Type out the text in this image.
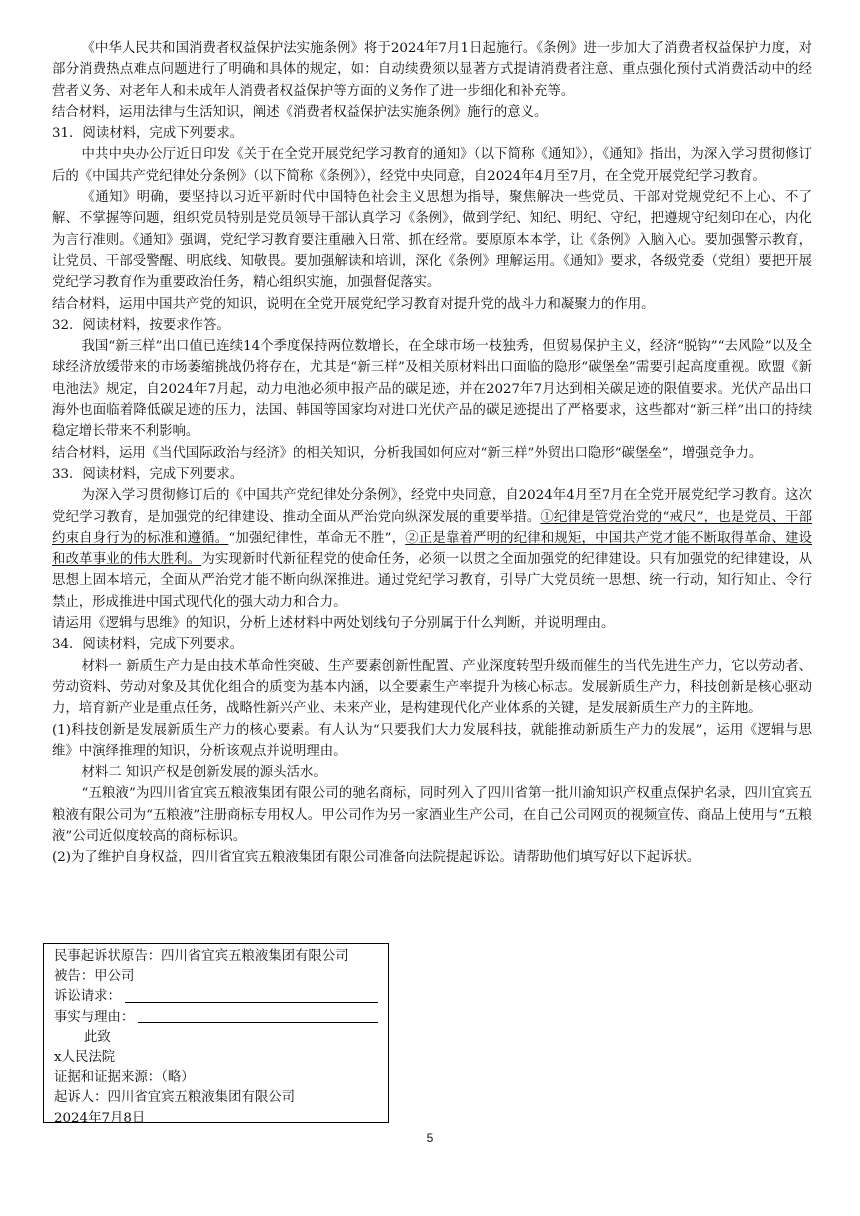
《中华人民共和国消费者权益保护法实施条例》将于2024年7月1日起施行。《条例》进一步加大了消费者权益保护力度，对部分消费热点难点问题进行了明确和具体的规定，如：自动续费须以显著方式提请消费者注意、重点强化预付式消费活动中的经营者义务、对老年人和未成年人消费者权益保护等方面的义务作了进一步细化和补充等。

结合材料，运用法律与生活知识，阐述《消费者权益保护法实施条例》施行的意义。

31．阅读材料，完成下列要求。

中共中央办公厅近日印发《关于在全党开展党纪学习教育的通知》（以下简称《通知》），《通知》指出，为深入学习贯彻修订后的《中国共产党纪律处分条例》（以下简称《条例》），经党中央同意，自2024年4月至7月，在全党开展党纪学习教育。

《通知》明确，要坚持以习近平新时代中国特色社会主义思想为指导，聚焦解决一些党员、干部对党规党纪不上心、不了解、不掌握等问题，组织党员特别是党员领导干部认真学习《条例》，做到学纪、知纪、明纪、守纪，把遵规守纪刻印在心，内化为言行准则。《通知》强调，党纪学习教育要注重融入日常、抓在经常。要原原本本学，让《条例》入脑入心。要加强警示教育，让党员、干部受警醒、明底线、知敬畏。要加强解读和培训，深化《条例》理解运用。《通知》要求，各级党委（党组）要把开展党纪学习教育作为重要政治任务，精心组织实施，加强督促落实。

结合材料，运用中国共产党的知识，说明在全党开展党纪学习教育对提升党的战斗力和凝聚力的作用。

32．阅读材料，按要求作答。

我国“新三样”出口值已连续14个季度保持两位数增长，在全球市场一枝独秀，但贸易保护主义，经济“脱钩”“去风险”以及全球经济放缓带来的市场萎缩挑战仍将存在，尤其是“新三样”及相关原材料出口面临的隐形“碳堡垒”需要引起高度重视。欧盟《新电池法》规定，自2024年7月起，动力电池必须申报产品的碳足迹，并在2027年7月达到相关碳足迹的限值要求。光伏产品出口海外也面临着降低碳足迹的压力，法国、韩国等国家均对进口光伏产品的碳足迹提出了严格要求，这些都对“新三样”出口的持续稳定增长带来不利影响。

结合材料，运用《当代国际政治与经济》的相关知识，分析我国如何应对“新三样”外贸出口隐形“碳堡垒”，增强竞争力。

33．阅读材料，完成下列要求。

为深入学习贯彻修订后的《中国共产党纪律处分条例》，经党中央同意，自2024年4月至7月在全党开展党纪学习教育。这次党纪学习教育，是加强党的纪律建设、推动全面从严治党向纵深发展的重要举措。①纪律是管党治党的“戒尺”，也是党员、干部约束自身行为的标准和遵循。“加强纪律性，革命无不胜”，②正是靠着严明的纪律和规矩，中国共产党才能不断取得革命、建设和改革事业的伟大胜利。为实现新时代新征程党的使命任务，必须一以贯之全面加强党的纪律建设。只有加强党的纪律建设，从思想上固本培元，全面从严治党才能不断向纵深推进。通过党纪学习教育，引导广大党员统一思想、统一行动，知行知止、令行禁止，形成推进中国式现代化的强大动力和合力。

请运用《逻辑与思维》的知识，分析上述材料中两处划线句子分别属于什么判断，并说明理由。

34．阅读材料，完成下列要求。

材料一 新质生产力是由技术革命性突破、生产要素创新性配置、产业深度转型升级而催生的当代先进生产力，它以劳动者、劳动资料、劳动对象及其优化组合的质变为基本内涵，以全要素生产率提升为核心标志。发展新质生产力，科技创新是核心驱动力，培育新产业是重点任务，战略性新兴产业、未来产业，是构建现代化产业体系的关键，是发展新质生产力的主阵地。

(1)科技创新是发展新质生产力的核心要素。有人认为“只要我们大力发展科技，就能推动新质生产力的发展”，运用《逻辑与思维》中演绎推理的知识，分析该观点并说明理由。

材料二 知识产权是创新发展的源头活水。

“五粮液”为四川省宜宾五粮液集团有限公司的驰名商标，同时列入了四川省第一批川渝知识产权重点保护名录，四川宜宾五粮液有限公司为“五粮液”注册商标专用权人。甲公司作为另一家酒业生产公司，在自己公司网页的视频宣传、商品上使用与“五粮液”公司近似度较高的商标标识。

(2)为了维护自身权益，四川省宜宾五粮液集团有限公司准备向法院提起诉讼。请帮助他们填写好以下起诉状。

民事起诉状原告：四川省宜宾五粮液集团有限公司

被告：甲公司

诉讼请求：

事实与理由：

此致

x人民法院

证据和证据来源：（略）

起诉人：四川省宜宾五粮液集团有限公司

2024年7月8日

5
